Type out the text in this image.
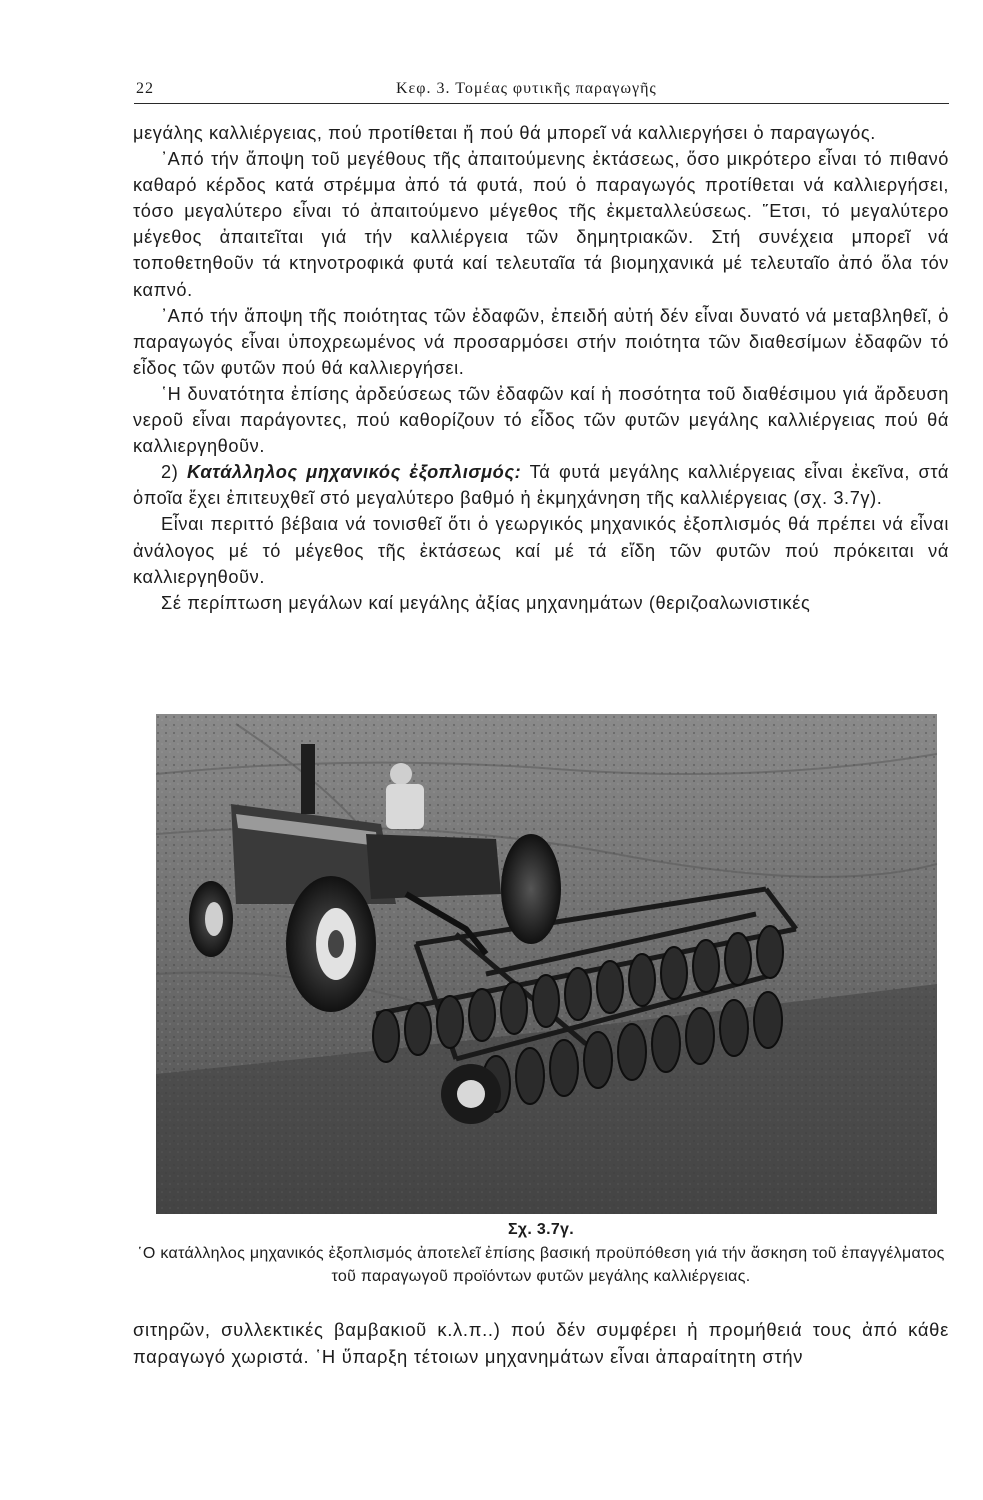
22	Κεφ. 3. Τομέας φυτικῆς παραγωγῆς

μεγάλης καλλιέργειας, πού προτίθεται ἤ πού θά μπορεῖ νά καλλιεργήσει ὁ παραγωγός.

᾿Από τήν ἄποψη τοῦ μεγέθους τῆς ἀπαιτούμενης ἐκτάσεως, ὅσο μικρότερο εἶναι τό πιθανό καθαρό κέρδος κατά στρέμμα ἀπό τά φυτά, πού ὁ παραγωγός προτίθεται νά καλλιεργήσει, τόσο μεγαλύτερο εἶναι τό ἀπαιτούμενο μέγεθος τῆς ἐκμεταλλεύσεως. ῞Ετσι, τό μεγαλύτερο μέγεθος ἀπαιτεῖται γιά τήν καλλιέργεια τῶν δημητριακῶν. Στή συνέχεια μπορεῖ νά τοποθετηθοῦν τά κτηνοτροφικά φυτά καί τελευταῖα τά βιομηχανικά μέ τελευταῖο ἀπό ὅλα τόν καπνό.

᾿Από τήν ἄποψη τῆς ποιότητας τῶν ἐδαφῶν, ἐπειδή αὐτή δέν εἶναι δυνατό νά μεταβληθεῖ, ὁ παραγωγός εἶναι ὑποχρεωμένος νά προσαρμόσει στήν ποιότητα τῶν διαθεσίμων ἐδαφῶν τό εἶδος τῶν φυτῶν πού θά καλλιεργήσει.

῾Η δυνατότητα ἐπίσης ἀρδεύσεως τῶν ἐδαφῶν καί ἡ ποσότητα τοῦ διαθέσιμου γιά ἄρδευση νεροῦ εἶναι παράγοντες, πού καθορίζουν τό εἶδος τῶν φυτῶν μεγάλης καλλιέργειας πού θά καλλιεργηθοῦν.

2) Κατάλληλος μηχανικός ἐξοπλισμός: Τά φυτά μεγάλης καλλιέργειας εἶναι ἐκεῖνα, στά ὁποῖα ἔχει ἐπιτευχθεῖ στό μεγαλύτερο βαθμό ἡ ἐκμηχάνηση τῆς καλλιέργειας (σχ. 3.7γ).

Εἶναι περιττό βέβαια νά τονισθεῖ ὅτι ὁ γεωργικός μηχανικός ἐξοπλισμός θά πρέπει νά εἶναι ἀνάλογος μέ τό μέγεθος τῆς ἐκτάσεως καί μέ τά εἴδη τῶν φυτῶν πού πρόκειται νά καλλιεργηθοῦν.

Σέ περίπτωση μεγάλων καί μεγάλης ἀξίας μηχανημάτων (θεριζοαλωνιστικές

Σχ. 3.7γ.
῾Ο κατάλληλος μηχανικός ἐξοπλισμός ἀποτελεῖ ἐπίσης βασική προϋπόθεση γιά τήν ἄσκηση τοῦ ἐπαγγέλματος τοῦ παραγωγοῦ προϊόντων φυτῶν μεγάλης καλλιέργειας.

σιτηρῶν, συλλεκτικές βαμβακιοῦ κ.λ.π..) πού δέν συμφέρει ἡ προμήθειά τους ἀπό κάθε παραγωγό χωριστά. ῾Η ὕπαρξη τέτοιων μηχανημάτων εἶναι ἀπαραίτητη στήν
